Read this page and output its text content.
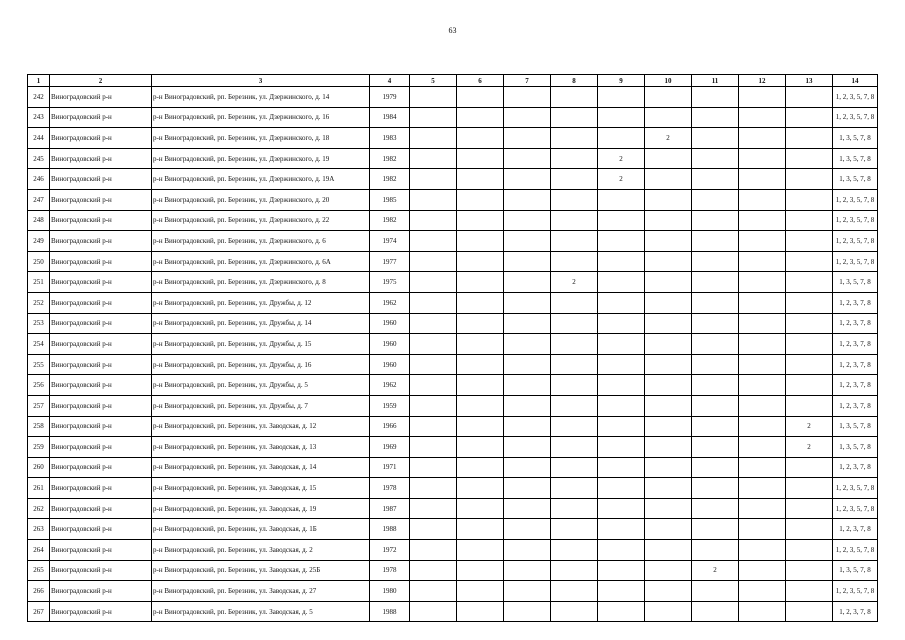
63
1	2	3	4	5	6	7	8	9	10	11	12	13	14
242	Виноградовский р-н	р-н Виноградовский, рп. Березник, ул. Дзержинского, д. 14	1979										1, 2, 3, 5, 7, 8
243	Виноградовский р-н	р-н Виноградовский, рп. Березник, ул. Дзержинского, д. 16	1984										1, 2, 3, 5, 7, 8
244	Виноградовский р-н	р-н Виноградовский, рп. Березник, ул. Дзержинского, д. 18	1983						2				1, 3, 5, 7, 8
245	Виноградовский р-н	р-н Виноградовский, рп. Березник, ул. Дзержинского, д. 19	1982					2					1, 3, 5, 7, 8
246	Виноградовский р-н	р-н Виноградовский, рп. Березник, ул. Дзержинского, д. 19А	1982					2					1, 3, 5, 7, 8
247	Виноградовский р-н	р-н Виноградовский, рп. Березник, ул. Дзержинского, д. 20	1985										1, 2, 3, 5, 7, 8
248	Виноградовский р-н	р-н Виноградовский, рп. Березник, ул. Дзержинского, д. 22	1982										1, 2, 3, 5, 7, 8
249	Виноградовский р-н	р-н Виноградовский, рп. Березник, ул. Дзержинского, д. 6	1974										1, 2, 3, 5, 7, 8
250	Виноградовский р-н	р-н Виноградовский, рп. Березник, ул. Дзержинского, д. 6А	1977										1, 2, 3, 5, 7, 8
251	Виноградовский р-н	р-н Виноградовский, рп. Березник, ул. Дзержинского, д. 8	1975				2						1, 3, 5, 7, 8
252	Виноградовский р-н	р-н Виноградовский, рп. Березник, ул. Дружбы, д. 12	1962										1, 2, 3, 7, 8
253	Виноградовский р-н	р-н Виноградовский, рп. Березник, ул. Дружбы, д. 14	1960										1, 2, 3, 7, 8
254	Виноградовский р-н	р-н Виноградовский, рп. Березник, ул. Дружбы, д. 15	1960										1, 2, 3, 7, 8
255	Виноградовский р-н	р-н Виноградовский, рп. Березник, ул. Дружбы, д. 16	1960										1, 2, 3, 7, 8
256	Виноградовский р-н	р-н Виноградовский, рп. Березник, ул. Дружбы, д. 5	1962										1, 2, 3, 7, 8
257	Виноградовский р-н	р-н Виноградовский, рп. Березник, ул. Дружбы, д. 7	1959										1, 2, 3, 7, 8
258	Виноградовский р-н	р-н Виноградовский, рп. Березник, ул. Заводская, д. 12	1966									2	1, 3, 5, 7, 8
259	Виноградовский р-н	р-н Виноградовский, рп. Березник, ул. Заводская, д. 13	1969									2	1, 3, 5, 7, 8
260	Виноградовский р-н	р-н Виноградовский, рп. Березник, ул. Заводская, д. 14	1971										1, 2, 3, 7, 8
261	Виноградовский р-н	р-н Виноградовский, рп. Березник, ул. Заводская, д. 15	1978										1, 2, 3, 5, 7, 8
262	Виноградовский р-н	р-н Виноградовский, рп. Березник, ул. Заводская, д. 19	1987										1, 2, 3, 5, 7, 8
263	Виноградовский р-н	р-н Виноградовский, рп. Березник, ул. Заводская, д. 1Б	1988										1, 2, 3, 7, 8
264	Виноградовский р-н	р-н Виноградовский, рп. Березник, ул. Заводская, д. 2	1972										1, 2, 3, 5, 7, 8
265	Виноградовский р-н	р-н Виноградовский, рп. Березник, ул. Заводская, д. 25Б	1978							2			1, 3, 5, 7, 8
266	Виноградовский р-н	р-н Виноградовский, рп. Березник, ул. Заводская, д. 27	1980										1, 2, 3, 5, 7, 8
267	Виноградовский р-н	р-н Виноградовский, рп. Березник, ул. Заводская, д. 5	1988										1, 2, 3, 7, 8
